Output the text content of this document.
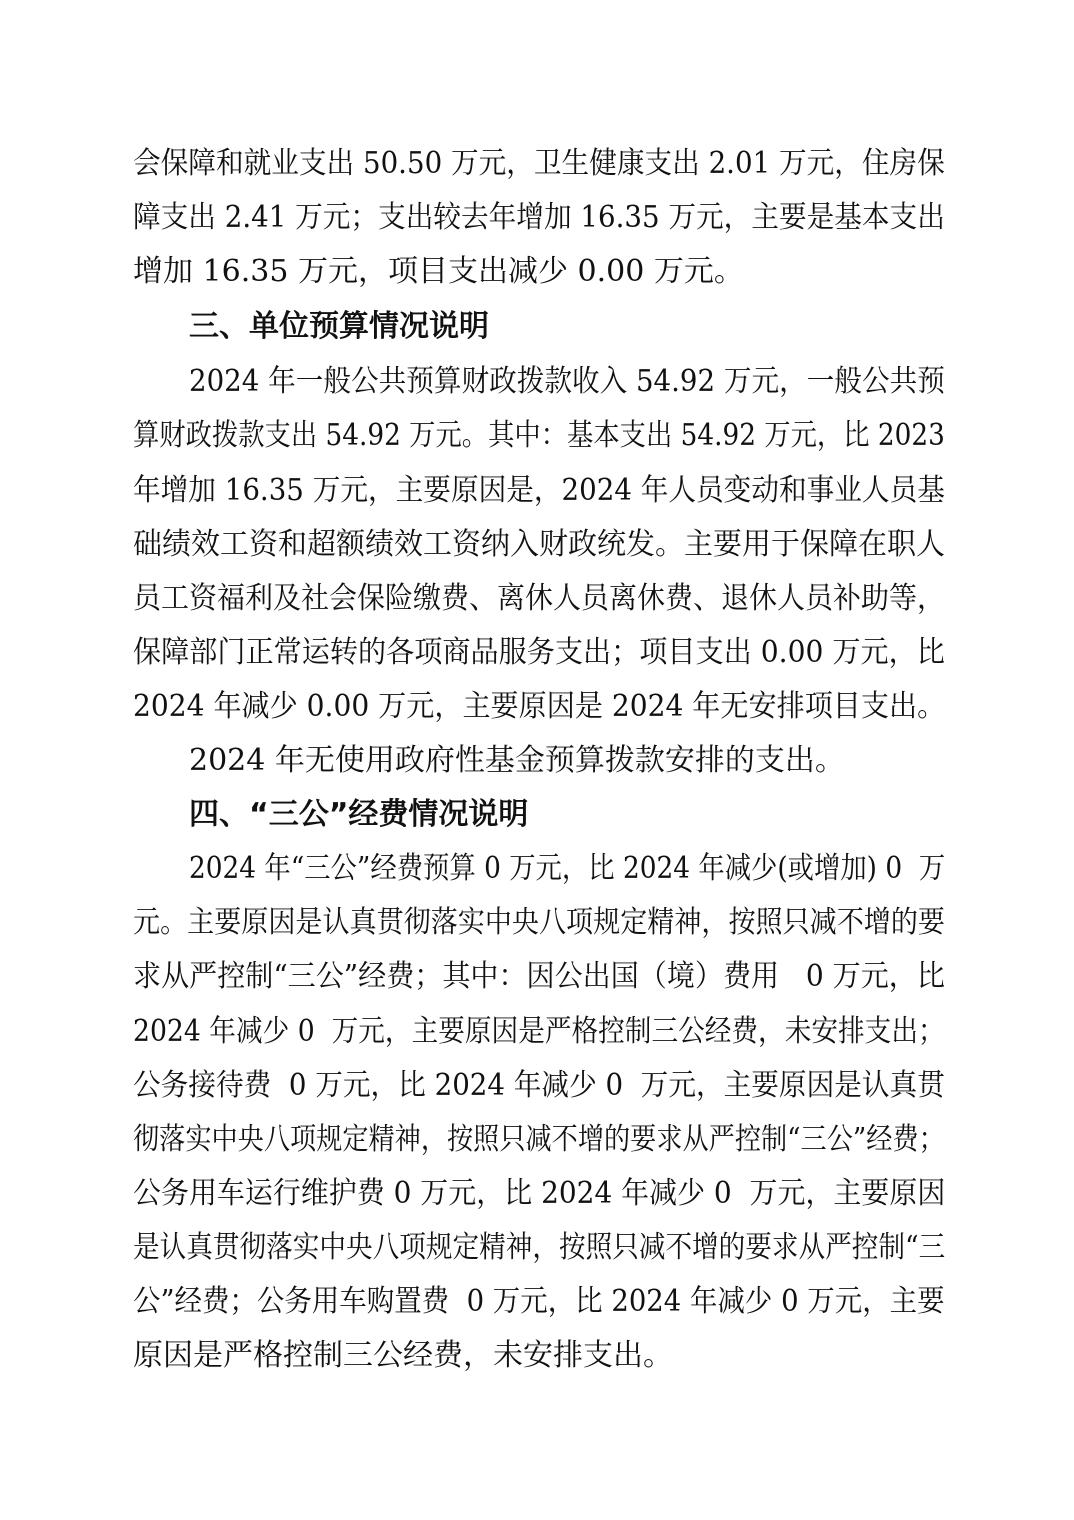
会保障和就业支出 50.50 万元，卫生健康支出 2.01 万元，住房保

障支出 2.41 万元；支出较去年增加 16.35 万元，主要是基本支出

增加 16.35 万元，项目支出减少 0.00 万元。

三、单位预算情况说明

2024 年一般公共预算财政拨款收入 54.92 万元，一般公共预

算财政拨款支出 54.92 万元。其中：基本支出 54.92 万元，比 2023

年增加 16.35 万元，主要原因是，2024 年人员变动和事业人员基

础绩效工资和超额绩效工资纳入财政统发。主要用于保障在职人

员工资福利及社会保险缴费、离休人员离休费、退休人员补助等，

保障部门正常运转的各项商品服务支出；项目支出 0.00 万元，比

2024 年减少 0.00 万元，主要原因是 2024 年无安排项目支出。

2024 年无使用政府性基金预算拨款安排的支出。

四、“三公”经费情况说明

2024 年“三公”经费预算 0 万元，比 2024 年减少(或增加) 0  万

元。主要原因是认真贯彻落实中央八项规定精神，按照只减不增的要

求从严控制“三公”经费；其中：因公出国（境）费用   0 万元，比

2024 年减少 0  万元，主要原因是严格控制三公经费，未安排支出；

公务接待费  0 万元，比 2024 年减少 0  万元，主要原因是认真贯

彻落实中央八项规定精神，按照只减不增的要求从严控制“三公”经费；

公务用车运行维护费 0 万元，比 2024 年减少 0  万元，主要原因

是认真贯彻落实中央八项规定精神，按照只减不增的要求从严控制“三

公”经费；公务用车购置费  0 万元，比 2024 年减少 0 万元，主要

原因是严格控制三公经费，未安排支出。
